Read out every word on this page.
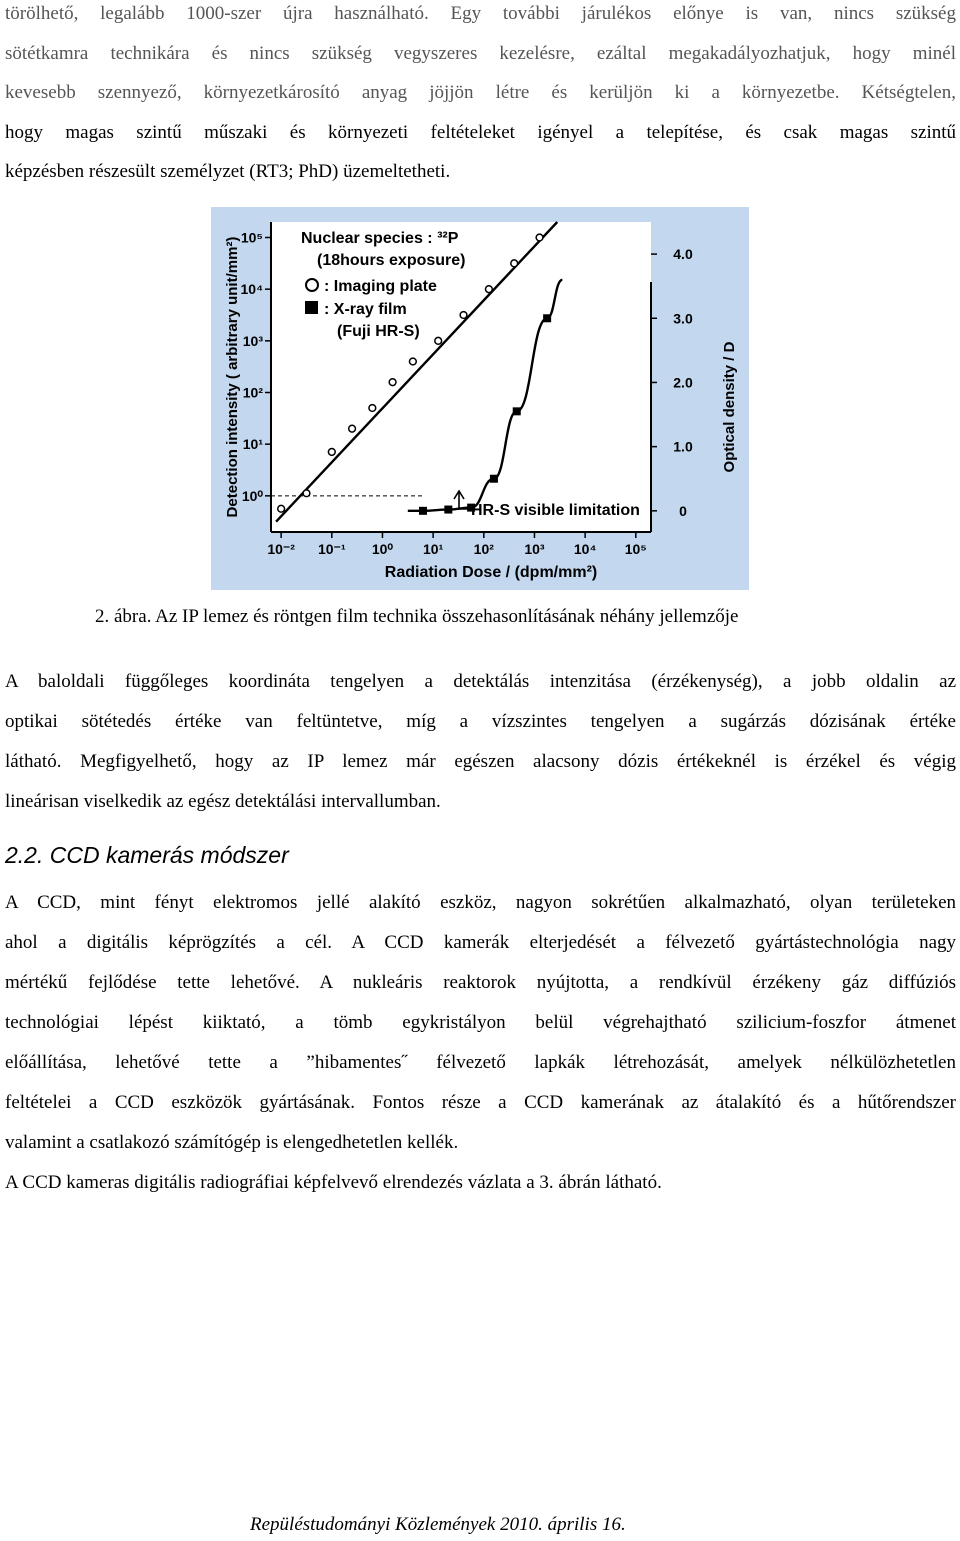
törölhető, legalább 1000-szer újra használható. Egy további járulékos előnye is van, nincs szükség
sötétkamra technikára és nincs szükség vegyszeres kezelésre, ezáltal megakadályozhatjuk, hogy minél
kevesebb szennyező, környezetkárosító anyag jöjjön létre és kerüljön ki a környezetbe. Kétségtelen,
hogy magas szintű műszaki és környezeti feltételeket igényel a telepítése, és csak magas szintű
képzésben részesült személyzet (RT3; PhD) üzemeltetheti.
10⁻² 10⁻¹ 10⁰ 10¹ 10² 10³ 10⁴ 10⁵
10⁰
10¹
10²
10³
10⁴
10⁵
0
1.0
2.0
3.0
4.0
Nuclear species : ³²P
(18hours exposure)
: Imaging plate
: X-ray film
(Fuji HR-S)
HR-S visible limitation
Detection intensity ( arbitrary unit/mm²)	Optical density / D
Radiation Dose / (dpm/mm²)
2. ábra. Az IP lemez és röntgen film technika összehasonlításának néhány jellemzője
A baloldali függőleges koordináta tengelyen a detektálás intenzitása (érzékenység), a jobb oldalin az
optikai sötétedés értéke van feltüntetve, míg a vízszintes tengelyen a sugárzás dózisának értéke
látható. Megfigyelhető, hogy az IP lemez már egészen alacsony dózis értékeknél is érzékel és végig
lineárisan viselkedik az egész detektálási intervallumban.
2.2. CCD kamerás módszer
A CCD, mint fényt elektromos jellé alakító eszköz, nagyon sokrétűen alkalmazható, olyan területeken
ahol a digitális képrögzítés a cél. A CCD kamerák elterjedését a félvezető gyártástechnológia nagy
mértékű fejlődése tette lehetővé. A nukleáris reaktorok nyújtotta, a rendkívül érzékeny gáz diffúziós
technológiai lépést kiiktató, a tömb egykristályon belül végrehajtható szilicium-foszfor átmenet
előállítása, lehetővé tette a ˮhibamentes˝ félvezető lapkák létrehozását, amelyek nélkülözhetetlen
feltételei a CCD eszközök gyártásának. Fontos része a CCD kamerának az átalakító és a hűtőrendszer
valamint a csatlakozó számítógép is elengedhetetlen kellék.
A CCD kameras digitális radiográfiai képfelvevő elrendezés vázlata a 3. ábrán látható.
Repüléstudományi Közlemények 2010. április 16.
